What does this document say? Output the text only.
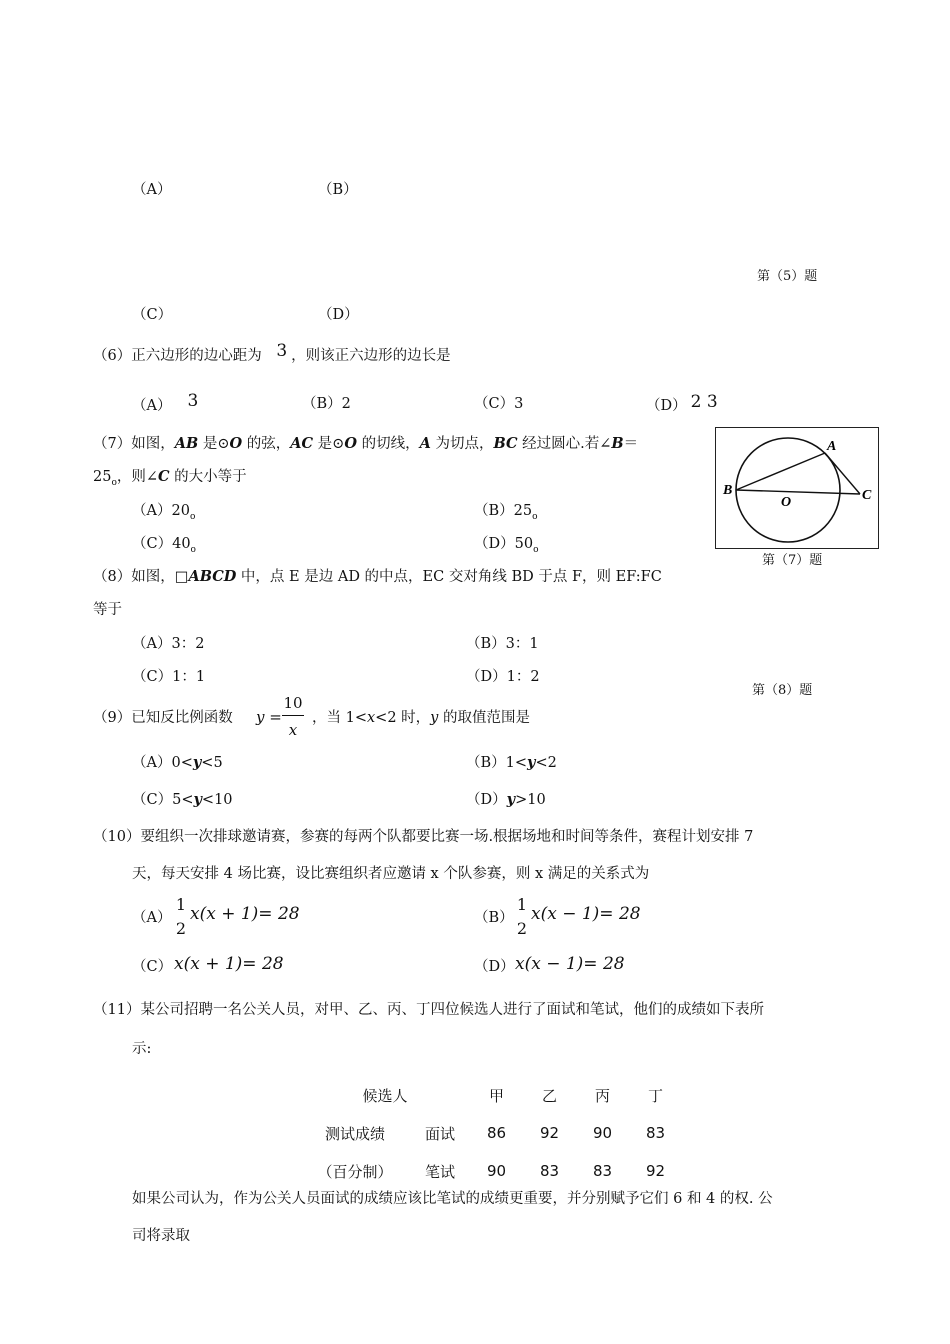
（A）	（B）
第（5）题
（C）	（D）
（6）正六边形的边心距为 3 ，则该正六边形的边长是
（A） 3	（B）2	（C）3	（D） 2 3
（7）如图，AB 是⊙O 的弦，AC 是⊙O 的切线，A 为切点，BC 经过圆心.若∠B＝
$25_o$，则∠C 的大小等于
$(A)20_o$	$(B)25_o$
$(C)40_o$	$(D)50_o$
A
B
O	C
第（7）题
（8）如图，□ABCD 中，点 E 是边 AD 的中点，EC 交对角线 BD 于点 F，则 EF:FC
等于
（A）3：2	（B）3：1
（C）1：1	（D）1：2
第（8）题
（9）已知反比例函数 y =
10
x
，当 1<x<2 时，y 的取值范围是
（A）0<y<5	（B）1<y<2
（C）5<y<10	（D）y>10
（10）要组织一次排球邀请赛，参赛的每两个队都要比赛一场.根据场地和时间等条件，赛程计划安排 7
天，每天安排 4 场比赛，设比赛组织者应邀请 x 个队参赛，则 x 满足的关系式为
（A）
1
2
x(x + 1)= 28	（B）
1
2
x(x − 1)= 28
（C） x(x + 1)= 28	（D） x(x − 1)= 28
（11）某公司招聘一名公关人员，对甲、乙、丙、丁四位候选人进行了面试和笔试，他们的成绩如下表所
示:
候选人		甲	乙	丙	丁
测试成绩	面试	86	92	90	83
（百分制）	笔试	90	83	83	92
如果公司认为，作为公关人员面试的成绩应该比笔试的成绩更重要，并分别赋予它们 6 和 4 的权. 公
司将录取
